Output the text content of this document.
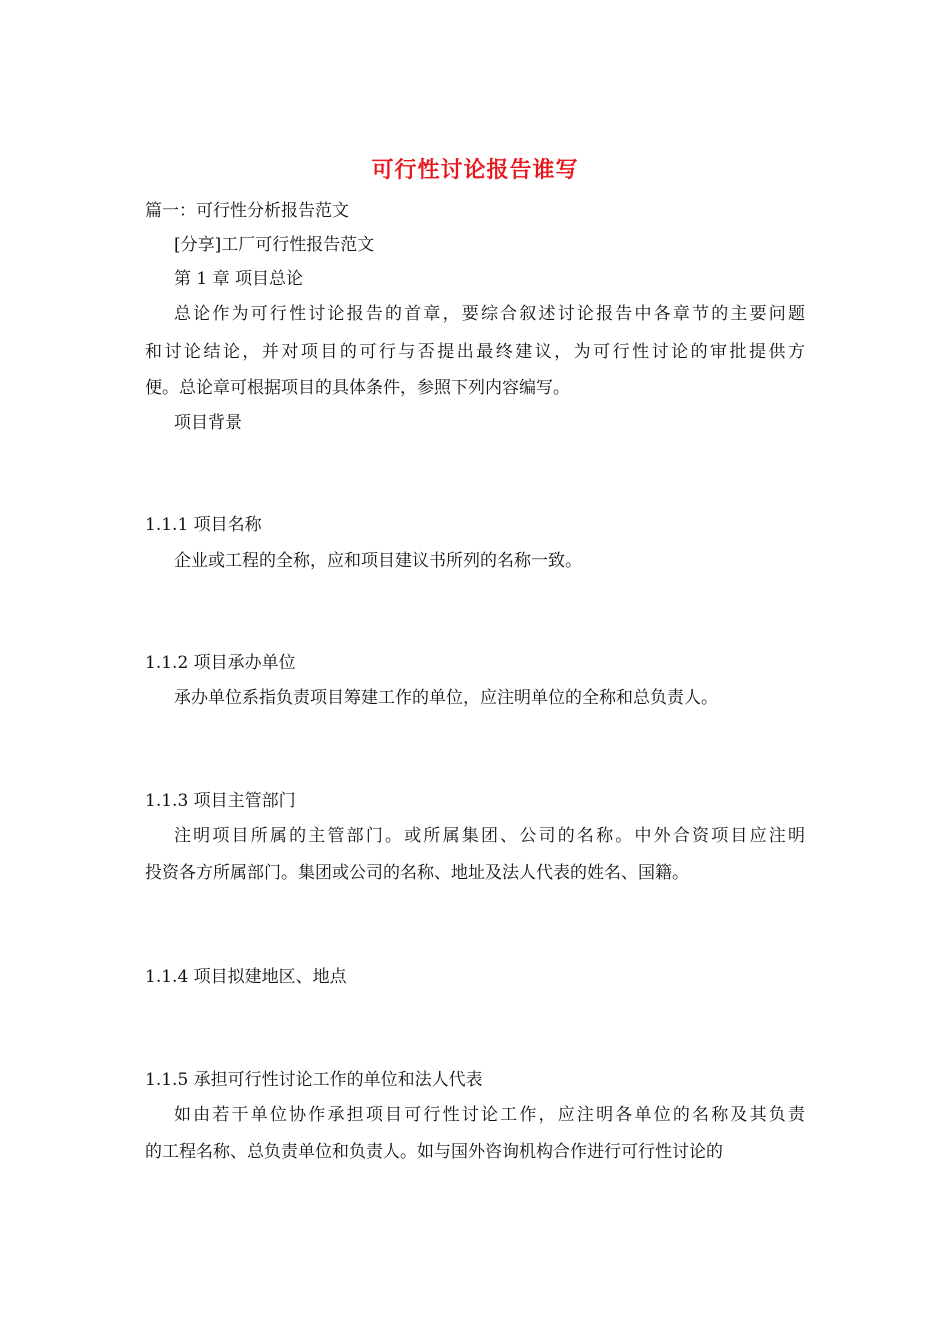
可行性讨论报告谁写
篇一：可行性分析报告范文
[分享]工厂可行性报告范文
第 1 章 项目总论
总论作为可行性讨论报告的首章，要综合叙述讨论报告中各章节的主要问题
和讨论结论，并对项目的可行与否提出最终建议，为可行性讨论的审批提供方
便。总论章可根据项目的具体条件，参照下列内容编写。
项目背景
1.1.1 项目名称
企业或工程的全称，应和项目建议书所列的名称一致。
1.1.2 项目承办单位
承办单位系指负责项目筹建工作的单位，应注明单位的全称和总负责人。
1.1.3 项目主管部门
注明项目所属的主管部门。或所属集团、公司的名称。中外合资项目应注明
投资各方所属部门。集团或公司的名称、地址及法人代表的姓名、国籍。
1.1.4 项目拟建地区、地点
1.1.5 承担可行性讨论工作的单位和法人代表
如由若干单位协作承担项目可行性讨论工作，应注明各单位的名称及其负责
的工程名称、总负责单位和负责人。如与国外咨询机构合作进行可行性讨论的
